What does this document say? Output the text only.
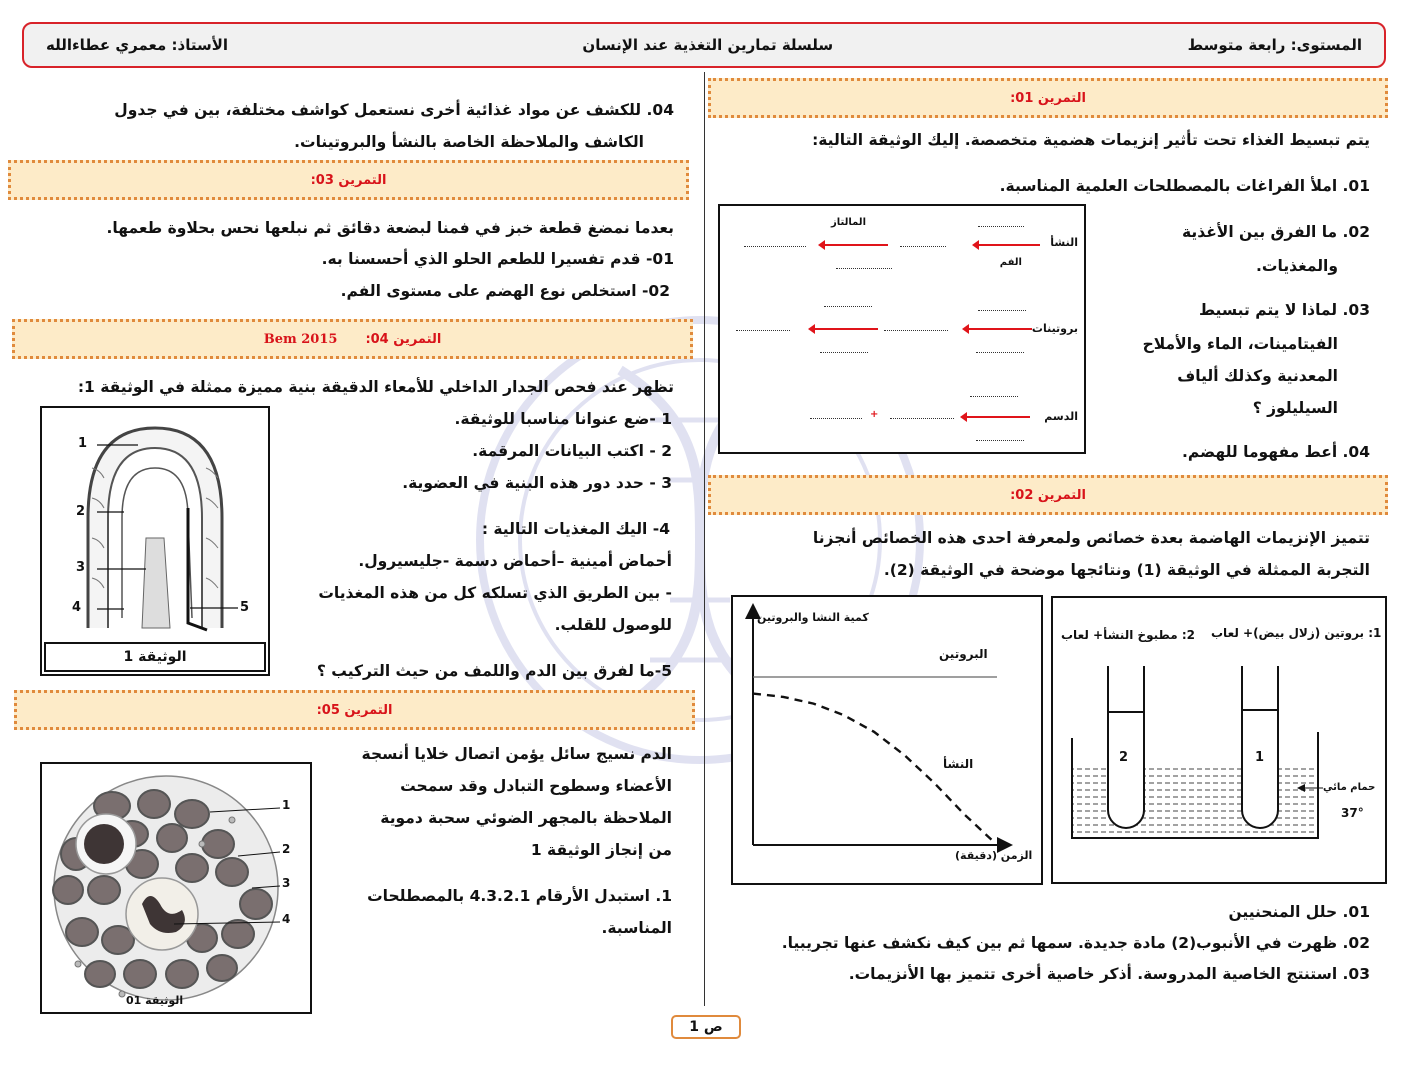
المستوى: رابعة متوسط
سلسلة تمارين التغذية عند الإنسان
الأستاذ: معمري عطاءالله
التمرين 01:
يتم تبسيط الغذاء تحت تأثير إنزيمات هضمية متخصصة. إليك الوثيقة التالية:
01. املأ الفراغات بالمصطلحات العلمية المناسبة.
النشأ
الفم
المالتاز
بروتينات
الدسم
+
02. ما الفرق بين الأغذية
والمغذيات.
03. لماذا لا يتم تبسيط
الفيتامينات، الماء والأملاح
المعدنية وكذلك ألياف
السيليلوز ؟
04. أعط مفهوما للهضم.
التمرين 02:
تتميز الإنزيمات الهاضمة بعدة خصائص ولمعرفة احدى هذه الخصائص أنجزنا
التجربة الممثلة في الوثيقة (1) ونتائجها موضحة في الوثيقة (2).
كمية النشا والبروتين
البروتين
النشأ
الزمن (دقيقة)
1: بروتين (زلال بيض)+ لعاب
2: مطبوخ النشأ+ لعاب
2	1
حمام مائي
37°
01. حلل المنحنيين
02. ظهرت في الأنبوب(2) مادة جديدة. سمها ثم بين كيف نكشف عنها تجريبيا.
03. استنتج الخاصية المدروسة. أذكر خاصية أخرى تتميز بها الأنزيمات.
04. للكشف عن مواد غذائية أخرى نستعمل كواشف مختلفة، بين في جدول
الكاشف والملاحظة الخاصة بالنشأ والبروتينات.
التمرين 03:
بعدما نمضغ قطعة خبز في فمنا لبضعة دقائق ثم نبلعها نحس بحلاوة طعمها.
01- قدم تفسيرا للطعم الحلو الذي أحسسنا به.
02- استخلص نوع الهضم على مستوى الفم.
التمرين 04:
Bem 2015
تظهر عند فحص الجدار الداخلي للأمعاء الدقيقة بنية مميزة ممثلة في الوثيقة 1:
1 -ضع عنوانا مناسبا للوثيقة.
2 - اكتب البيانات المرقمة.
3 - حدد دور هذه البنية في العضوية.
4- اليك المغذيات التالية :
أحماض أمينية –أحماض دسمة -جليسيرول.
- بين الطريق الذي تسلكه كل من هذه المغذيات
للوصول للقلب.
5-ما لفرق بين الدم واللمف من حيث التركيب ؟
1
2
3
4	5
الوثيقة 1
التمرين 05:
الدم نسيج سائل يؤمن اتصال خلايا أنسجة
الأعضاء وسطوح التبادل وقد سمحت
الملاحظة بالمجهر الضوئي سحبة دموية
من إنجاز الوثيقة 1
1. استبدل الأرقام 4.3.2.1 بالمصطلحات
المناسبة.
1
2
3
4
الوثيقة 01
ص 1
